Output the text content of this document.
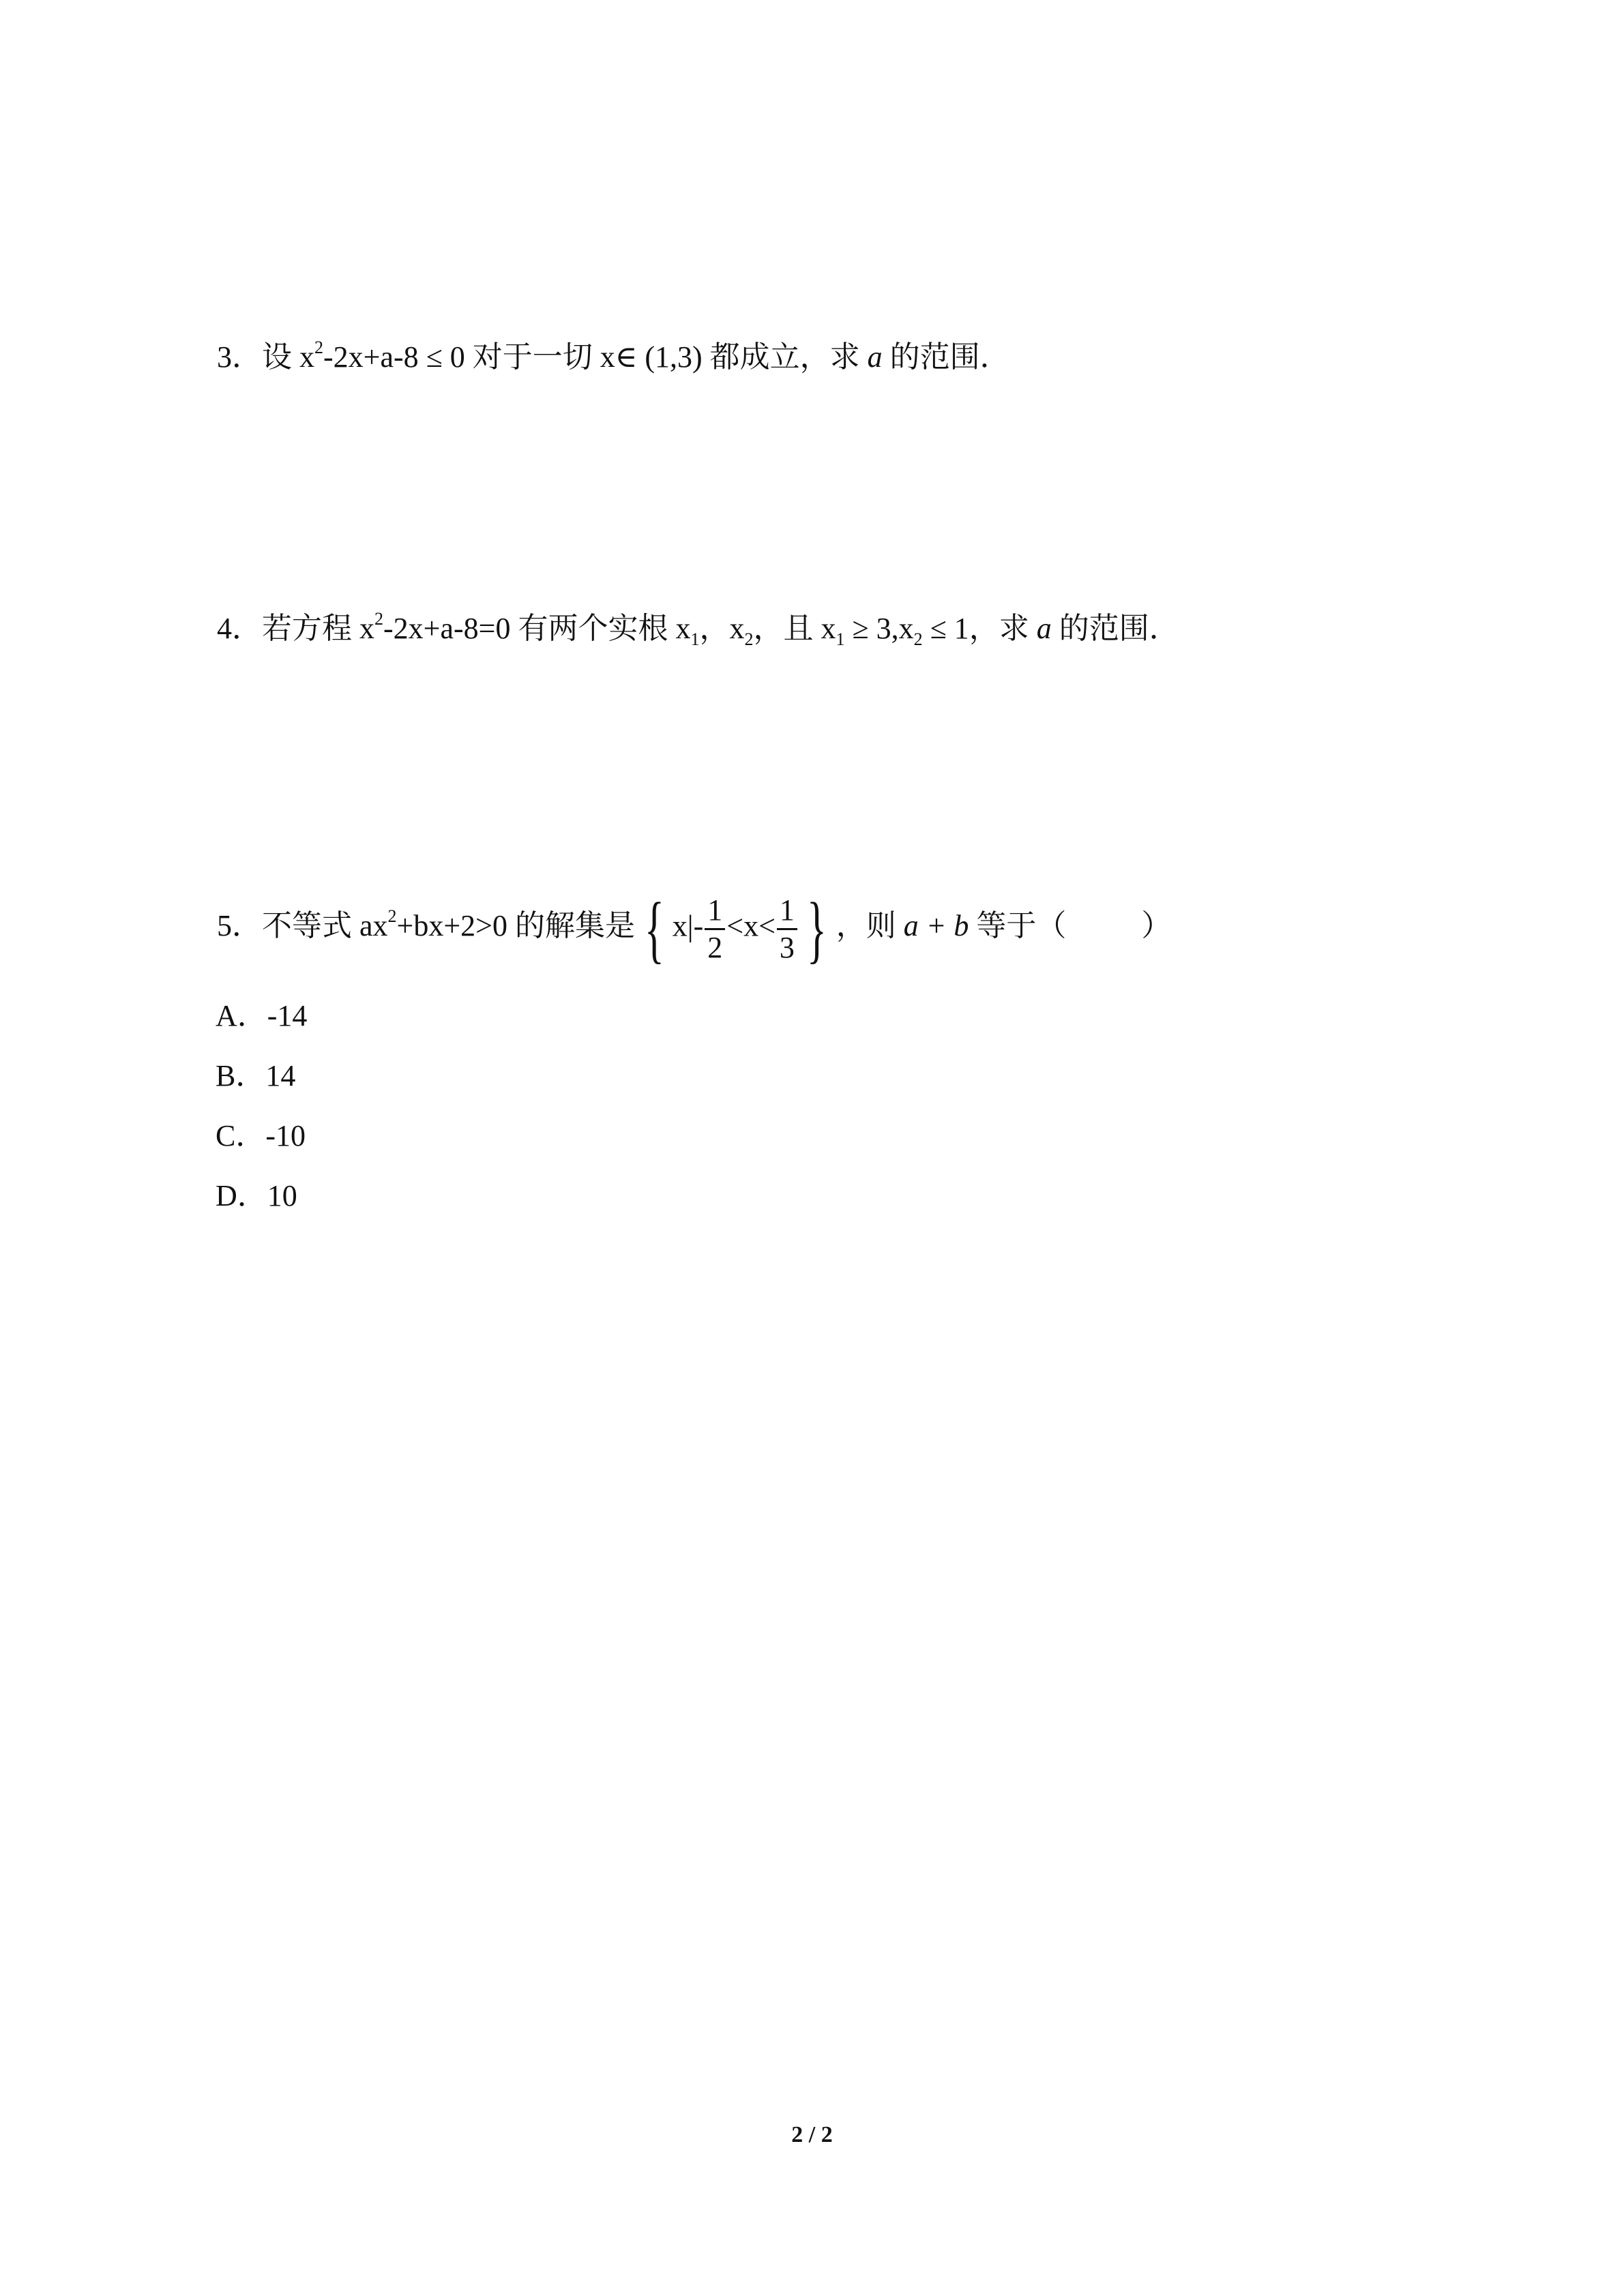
3．设 $x^2-2x+a-8 \le 0$ 对于一切 x∈ (1,3) 都成立，求 a 的范围．
4．若方程 $x^2-2x+a-8=0$ 有两个实根 $x_1$，$x_2$，且 $x_1 \ge 3,x_2 \le 1$，求 a 的范围．
5．不等式 $ax^2+bx+2>0$ 的解集是 { $x|- \frac{1}{2} <x< \frac{1}{3}$ } ，则 a + b 等于（	）
A．-14
B．14
C．-10
D．10
2 / 2
